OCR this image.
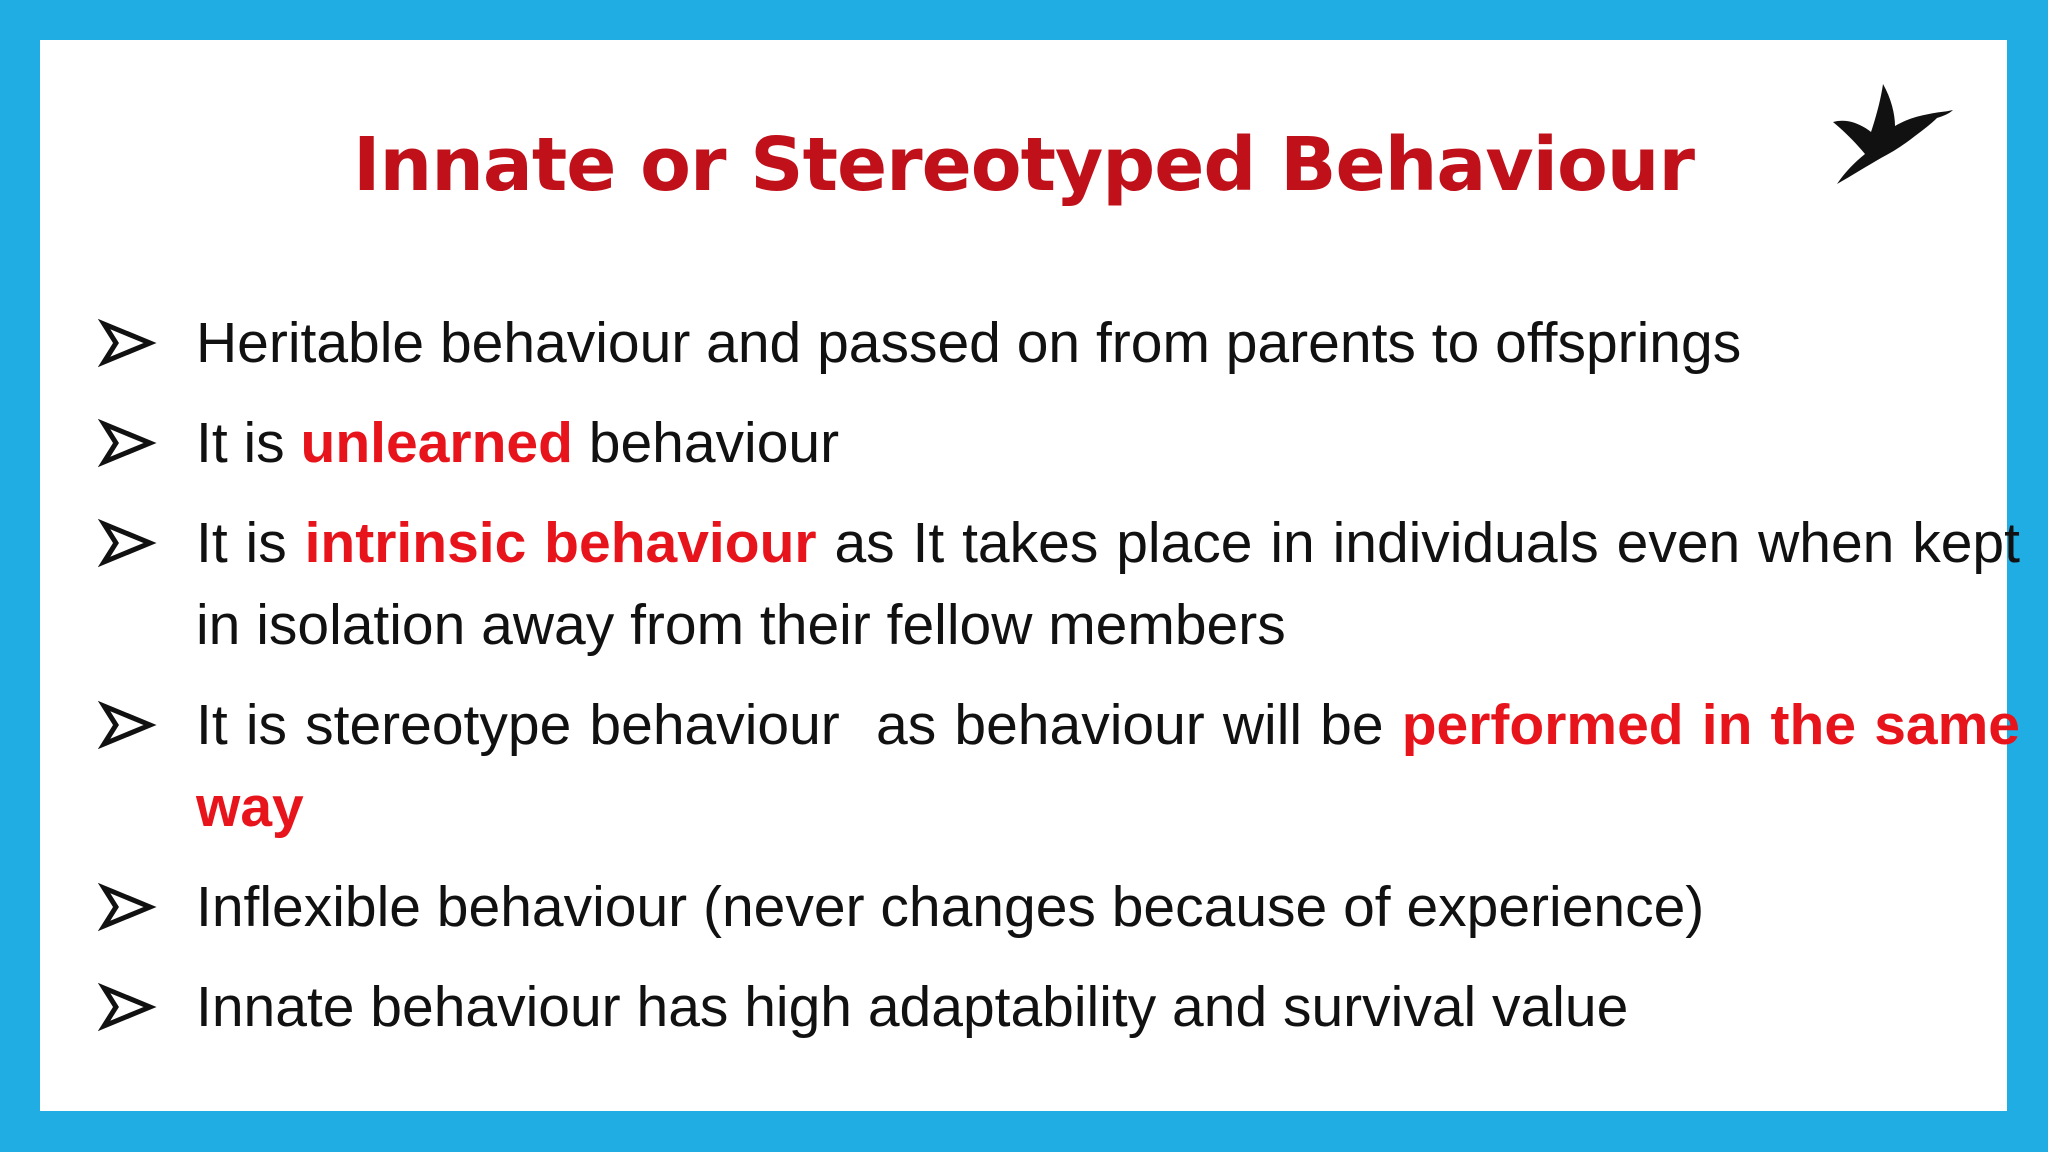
Innate or Stereotyped Behaviour
Heritable behaviour and passed on from parents to offsprings
It is unlearned behaviour
It is intrinsic behaviour as It takes place in individuals even when kept in isolation away from their fellow members
It is stereotype behaviour  as behaviour will be performed in the same way
Inflexible behaviour (never changes because of experience)
Innate behaviour has high adaptability and survival value
